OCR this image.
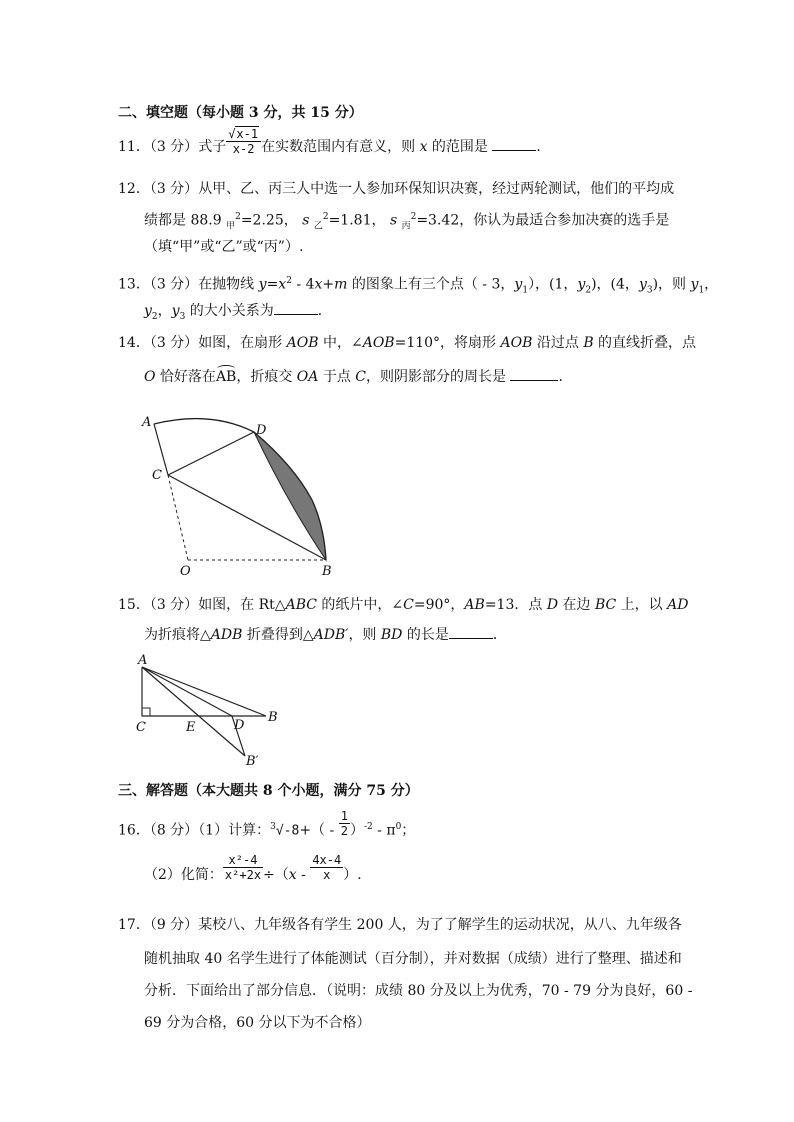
二、填空题（每小题 3 分，共 15 分）
11．（3 分）式子 $\frac{√x-1}{x-2}$ 在实数范围内有意义，则 x 的范围是	．
12．（3 分）从甲、乙、丙三人中选一人参加环保知识决赛，经过两轮测试，他们的平均成
绩都是 88.9 $_甲^2$=2.25， s $_乙^2$=1.81， s $_丙^2$=3.42，你认为最适合参加决赛的选手是
（填“甲”或“乙”或“丙”）.
13．（3 分）在抛物线 $y=x^2 - 4x+m$ 的图象上有三个点（ - 3，$y_1$），(1，$y_2$)，(4，$y_3$)，则 $y_1$，
$y_2$，$y_3$ 的大小关系为	．
14．（3 分）如图，在扇形 AOB 中，∠AOB=110°，将扇形 AOB 沿过点 B 的直线折叠，点
O 恰好落在AB，折痕交 OA 于点 C，则阴影部分的周长是	．
A
D
C
O	B
15．（3 分）如图，在 Rt△ABC 的纸片中，∠C=90°，AB=13．点 D 在边 BC 上，以 AD
为折痕将△ADB 折叠得到△ADB′，则 BD 的长是	．
A
C	E	D
B
B′
三、解答题（本大题共 8 个小题，满分 75 分）
16．（8 分）（1）计算：$^3√-8+( - \frac{1}{2} )^{-2} - \pi^0$；
（2）化简： $\frac{\text{x²-4}}{\text{x²+2x}} \div(x - \frac{4x-4}{x}$ ）.
17．（9 分）某校八、九年级各有学生 200 人，为了了解学生的运动状况，从八、九年级各
随机抽取 40 名学生进行了体能测试（百分制），并对数据（成绩）进行了整理、描述和
分析．下面给出了部分信息．（说明：成绩 80 分及以上为优秀，70 - 79 分为良好，60 -
69 分为合格，60 分以下为不合格）
